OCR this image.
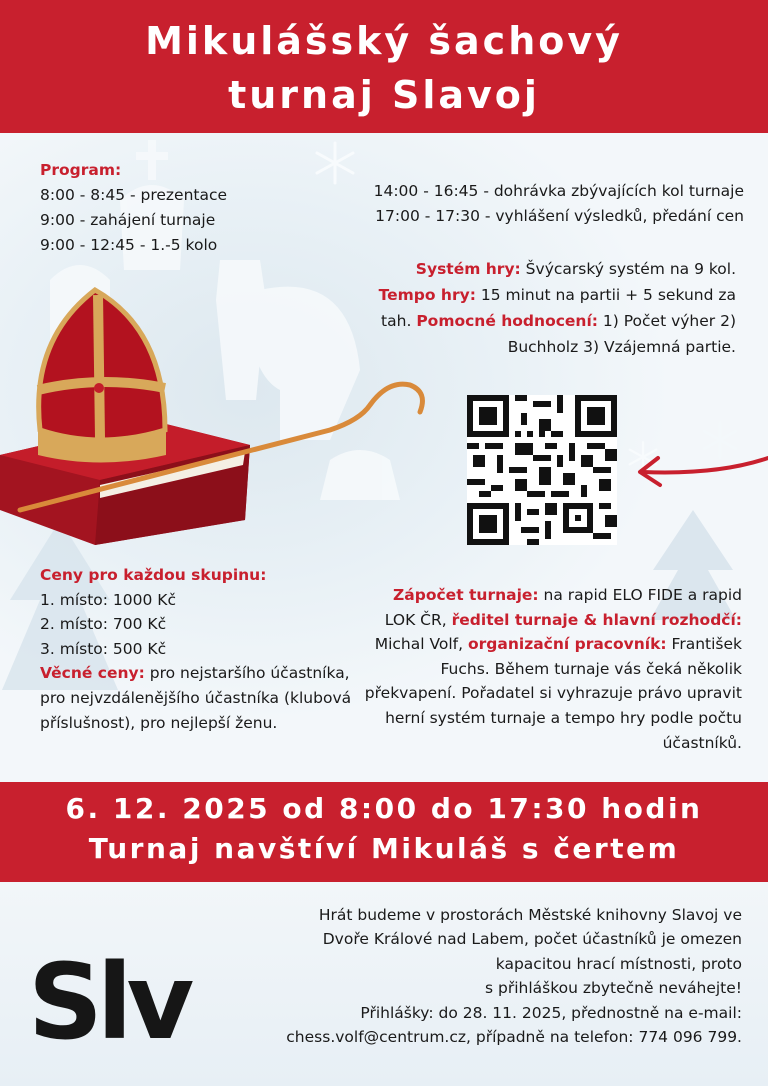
Mikulášský šachový turnaj Slavoj
Program:
8:00 - 8:45 - prezentace
9:00 - zahájení turnaje
9:00 - 12:45 - 1.-5 kolo
14:00 - 16:45 - dohrávka zbývajících kol turnaje
17:00 - 17:30 - vyhlášení výsledků, předání cen
Systém hry: Švýcarský systém na 9 kol. Tempo hry: 15 minut na partii + 5 sekund za tah. Pomocné hodnocení: 1) Počet výher 2) Buchholz 3) Vzájemná partie.
Ceny pro každou skupinu:
1. místo: 1000 Kč
2. místo: 700 Kč
3. místo: 500 Kč
Věcné ceny: pro nejstaršího účastníka, pro nejvzdálenějšího účastníka (klubová příslušnost), pro nejlepší ženu.
Zápočet turnaje: na rapid ELO FIDE a rapid LOK ČR, ředitel turnaje & hlavní rozhodčí: Michal Volf, organizační pracovník: František Fuchs. Během turnaje vás čeká několik překvapení. Pořadatel si vyhrazuje právo upravit herní systém turnaje a tempo hry podle počtu účastníků.
6. 12. 2025 od 8:00 do 17:30 hodin
Turnaj navštíví Mikuláš s čertem
Slv
Hrát budeme v prostorách Městské knihovny Slavoj ve
Dvoře Králové nad Labem, počet účastníků je omezen
kapacitou hrací místnosti, proto
s přihláškou zbytečně neváhejte!
Přihlášky: do 28. 11. 2025, přednostně na e-mail:
chess.volf@centrum.cz, případně na telefon: 774 096 799.
